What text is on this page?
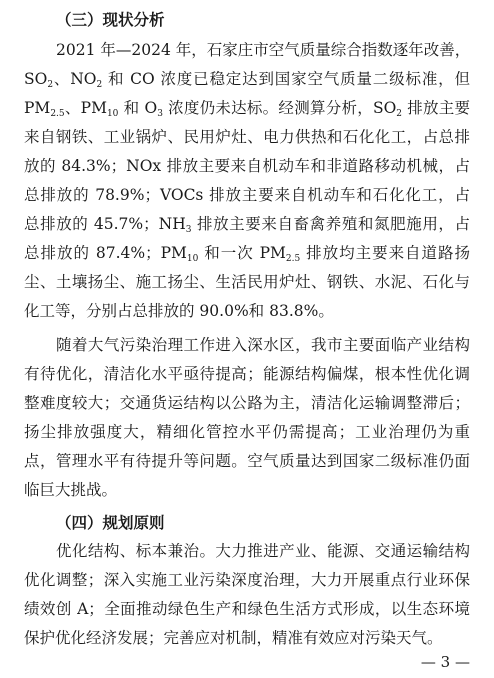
（三）现状分析
2021 年—2024 年，石家庄市空气质量综合指数逐年改善，
$SO_2$、$NO_2$ 和 CO 浓度已稳定达到国家空气质量二级标准，但
$PM_{2.5}$、$PM_{10}$ 和 $O_3$ 浓度仍未达标。经测算分析，$SO_2$ 排放主要
来自钢铁、工业锅炉、民用炉灶、电力供热和石化化工，占总排
放的 84.3%；NOx 排放主要来自机动车和非道路移动机械，占
总排放的 78.9%；VOCs 排放主要来自机动车和石化化工，占
总排放的 45.7%；$NH_3$ 排放主要来自畜禽养殖和氮肥施用，占
总排放的 87.4%；$PM_{10}$ 和一次 $PM_{2.5}$ 排放均主要来自道路扬
尘、土壤扬尘、施工扬尘、生活民用炉灶、钢铁、水泥、石化与
化工等，分别占总排放的 90.0%和 83.8%。
随着大气污染治理工作进入深水区，我市主要面临产业结构
有待优化，清洁化水平亟待提高；能源结构偏煤，根本性优化调
整难度较大；交通货运结构以公路为主，清洁化运输调整滞后；
扬尘排放强度大，精细化管控水平仍需提高；工业治理仍为重
点，管理水平有待提升等问题。空气质量达到国家二级标准仍面
临巨大挑战。
（四）规划原则
优化结构、标本兼治。大力推进产业、能源、交通运输结构
优化调整；深入实施工业污染深度治理，大力开展重点行业环保
绩效创 A；全面推动绿色生产和绿色生活方式形成，以生态环境
保护优化经济发展；完善应对机制，精准有效应对污染天气。
— 3 —
